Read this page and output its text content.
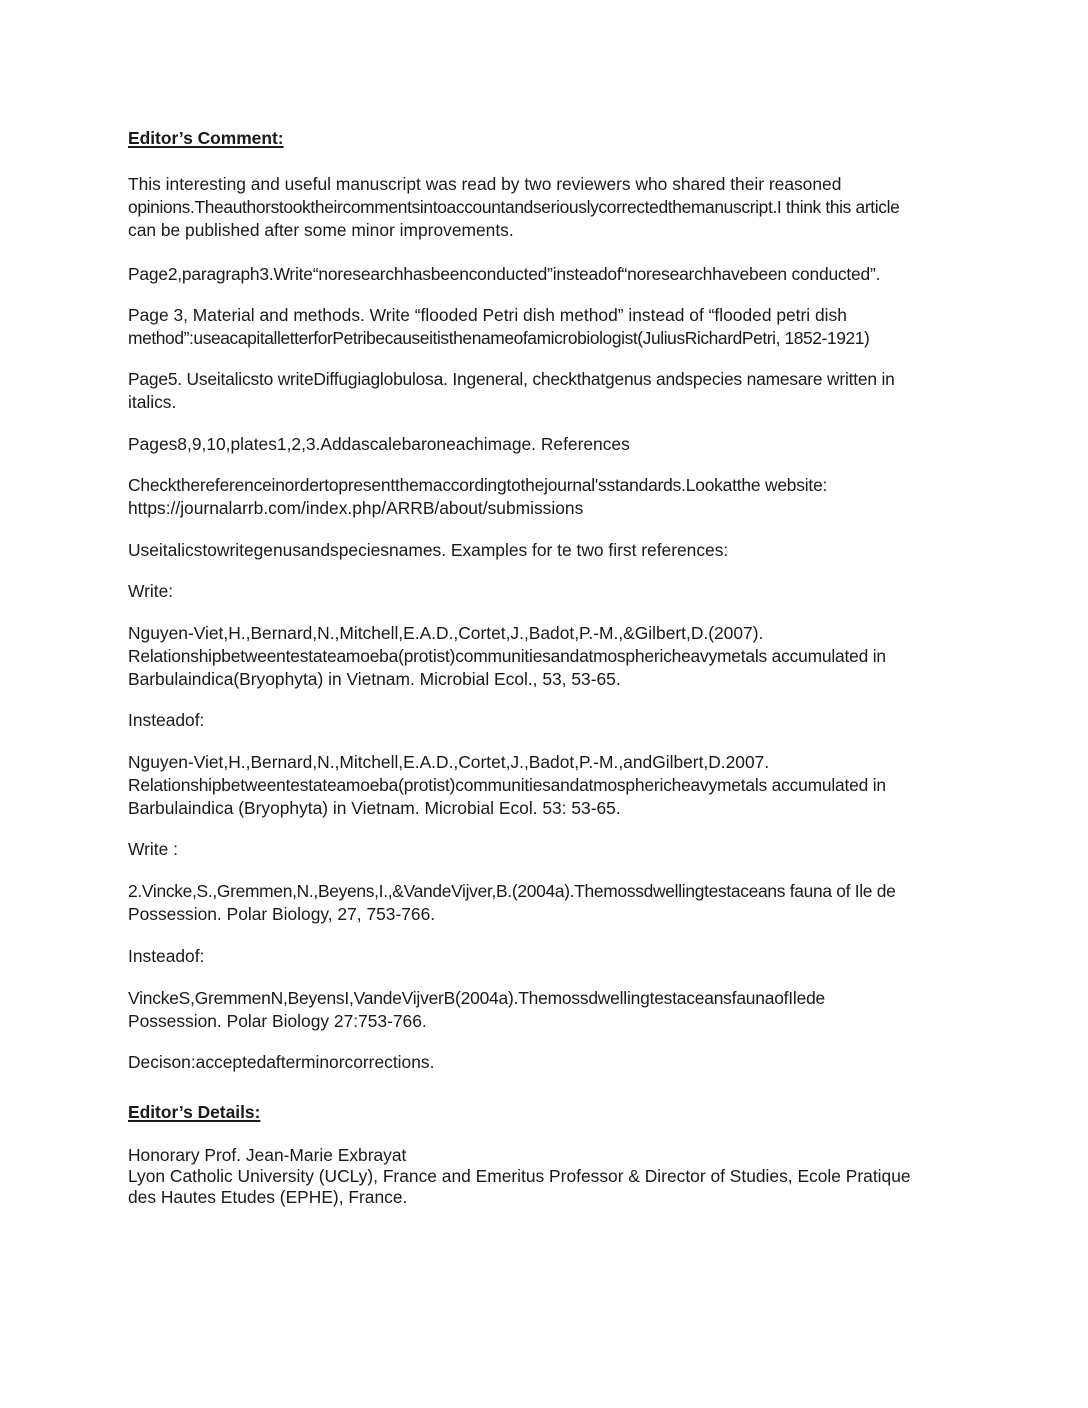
Editor’s Comment:
This interesting and useful manuscript was read by two reviewers who shared their reasoned
opinions.Theauthorstooktheircommentsintoaccountandseriouslycorrectedthemanuscript.I think this article
can be published after some minor improvements.
Page2,paragraph3.Write“noresearchhasbeenconducted”insteadof“noresearchhavebeen conducted”.
Page 3, Material and methods. Write “flooded Petri dish method” instead of “flooded petri dish
method”:useacapitalletterforPetribecauseitisthenameofamicrobiologist(JuliusRichardPetri, 1852-1921)
Page5. Useitalicsto writeDiffugiaglobulosa. Ingeneral, checkthatgenus andspecies namesare written in
italics.
Pages8,9,10,plates1,2,3.Addascalebaroneachimage. References
Checkthereferenceinordertopresentthemaccordingtothejournal'sstandards.Lookatthe website:
https://journalarrb.com/index.php/ARRB/about/submissions
Useitalicstowritegenusandspeciesnames. Examples for te two first references:
Write:
Nguyen-Viet,H.,Bernard,N.,Mitchell,E.A.D.,Cortet,J.,Badot,P.-M.,&Gilbert,D.(2007).
Relationshipbetweentestateamoeba(protist)communitiesandatmosphericheavymetals accumulated in
Barbulaindica(Bryophyta) in Vietnam. Microbial Ecol., 53, 53-65.
Insteadof:
Nguyen-Viet,H.,Bernard,N.,Mitchell,E.A.D.,Cortet,J.,Badot,P.-M.,andGilbert,D.2007.
Relationshipbetweentestateamoeba(protist)communitiesandatmosphericheavymetals accumulated in
Barbulaindica (Bryophyta) in Vietnam. Microbial Ecol. 53: 53-65.
Write :
2.Vincke,S.,Gremmen,N.,Beyens,I.,&VandeVijver,B.(2004a).Themossdwellingtestaceans fauna of Ile de
Possession. Polar Biology, 27, 753-766.
Insteadof:
VinckeS,GremmenN,BeyensI,VandeVijverB(2004a).ThemossdwellingtestaceansfaunaofIlede
Possession. Polar Biology 27:753-766.
Decison:acceptedafterminorcorrections.
Editor’s Details:
Honorary Prof. Jean-Marie Exbrayat
Lyon Catholic University (UCLy), France and Emeritus Professor & Director of Studies, Ecole Pratique
des Hautes Etudes (EPHE), France.
